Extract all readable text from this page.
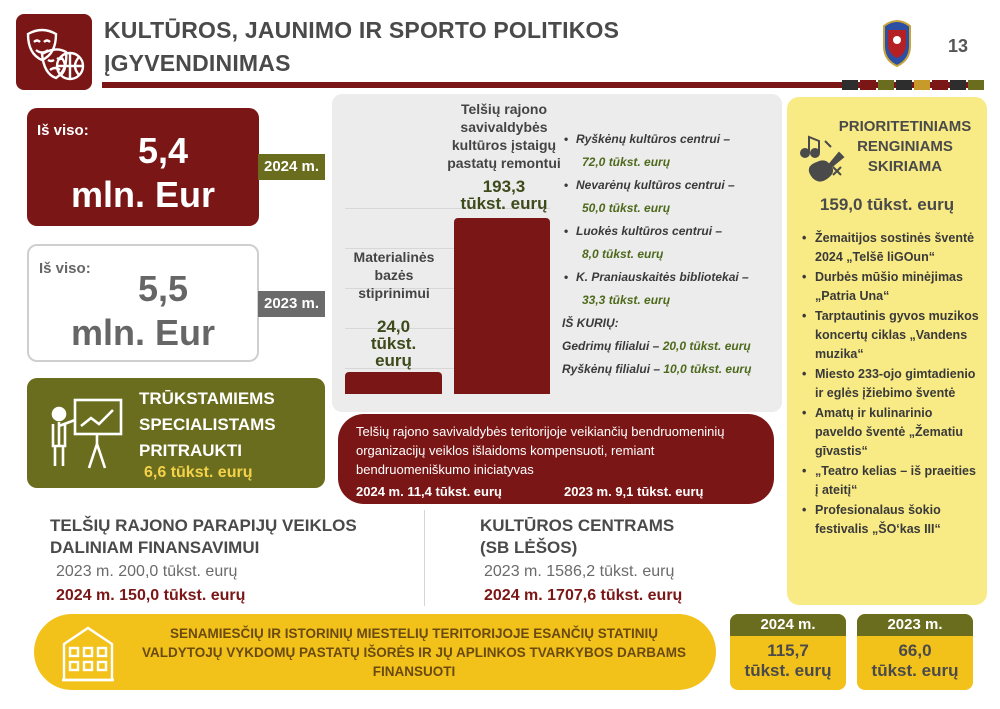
KULTŪROS, JAUNIMO IR SPORTO POLITIKOS
ĮGYVENDINIMAS
13
Iš viso:	5,4
mln. Eur
2024 m.
Iš viso:	5,5
mln. Eur
2023 m.
TRŪKSTAMIEMS
SPECIALISTAMS
PRITRAUKTI
6,6 tūkst. eurų
Materialinės
bazės
stiprinimui
24,0
tūkst.
eurų
Telšių rajono
savivaldybės
kultūros įstaigų
pastatų remontui
193,3
tūkst. eurų
• Ryškėnų kultūros centrui –
72,0 tūkst. eurų
• Nevarėnų kultūros centrui –
50,0 tūkst. eurų
• Luokės kultūros centrui –
8,0 tūkst. eurų
• K. Praniauskaitės bibliotekai –
33,3 tūkst. eurų
IŠ KURIŲ:
Gedrimų filialui – 20,0 tūkst. eurų
Ryškėnų filialui – 10,0 tūkst. eurų
Telšių rajono savivaldybės teritorijoje veikiančių bendruomeninių organizacijų veiklos išlaidoms kompensuoti, remiant bendruomeniškumo iniciatyvas
2024 m. 11,4 tūkst. eurų	2023 m. 9,1 tūkst. eurų
PRIORITETINIAMS RENGINIAMS SKIRIAMA
159,0 tūkst. eurų
• Žemaitijos sostinės šventė 2024 „Telšē liGOun“
• Durbės mūšio minėjimas „Patria Una“
• Tarptautinis gyvos muzikos koncertų ciklas „Vandens muzika“
• Miesto 233-ojo gimtadienio ir eglės įžiebimo šventė
• Amatų ir kulinarinio paveldo šventė „Žematiu gīvastis“
• „Teatro kelias – iš praeities į ateitį“
• Profesionalaus šokio festivalis „ŠO‘kas III“
TELŠIŲ RAJONO PARAPIJŲ VEIKLOS
DALINIAM FINANSAVIMUI
2023 m. 200,0 tūkst. eurų
2024 m. 150,0 tūkst. eurų
KULTŪROS CENTRAMS
(SB LĖŠOS)
2023 m. 1586,2 tūkst. eurų
2024 m. 1707,6 tūkst. eurų
SENAMIESČIŲ IR ISTORINIŲ MIESTELIŲ TERITORIJOJE ESANČIŲ STATINIŲ VALDYTOJŲ VYKDOMŲ PASTATŲ IŠORĖS IR JŲ APLINKOS TVARKYBOS DARBAMS FINANSUOTI
2024 m.
115,7
tūkst. eurų
2023 m.
66,0
tūkst. eurų
